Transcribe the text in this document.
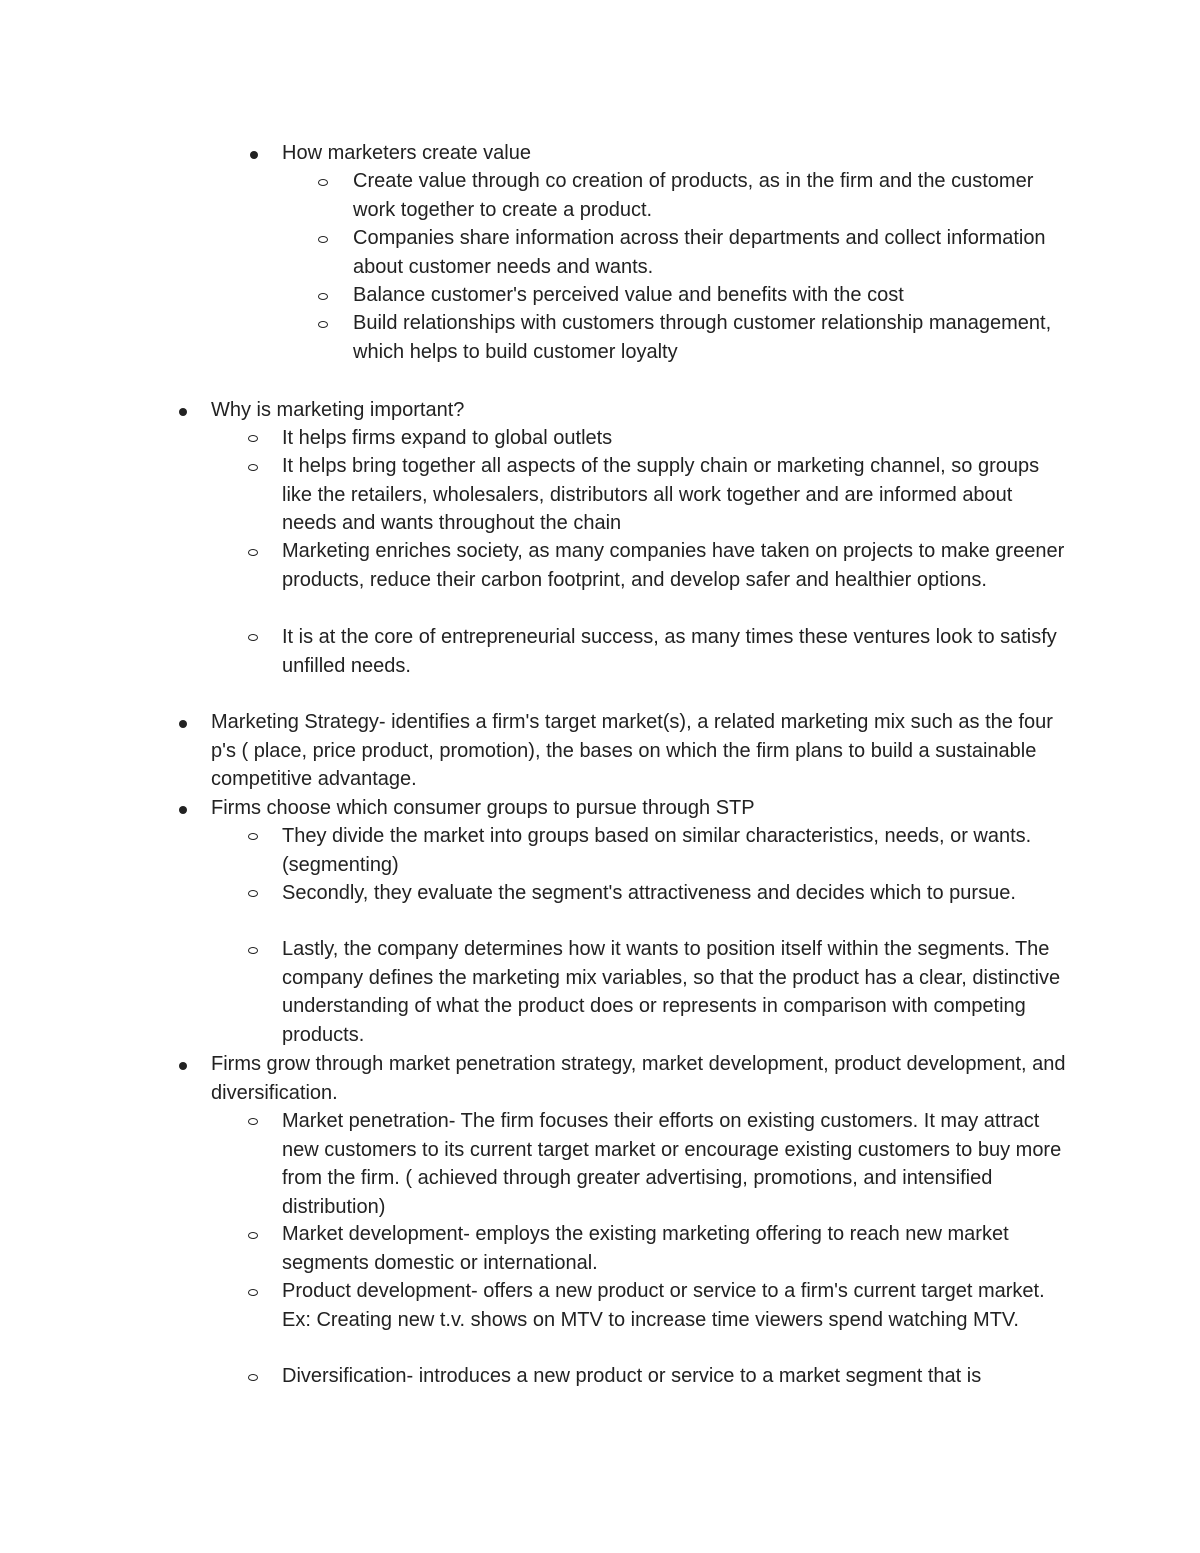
How marketers create value

Create value through co creation of products, as in the firm and the customer work together to create a product.

Companies share information across their departments and collect information about customer needs and wants.

Balance customer's perceived value and benefits with the cost

Build relationships with customers through customer relationship management, which helps to build customer loyalty

Why is marketing important?

It helps firms expand to global outlets

It helps bring together all aspects of the supply chain or marketing channel, so groups like the retailers, wholesalers, distributors all work together and are informed about needs and wants throughout the chain

Marketing enriches society, as many companies have taken on projects to make greener products, reduce their carbon footprint, and develop safer and healthier options.

It is at the core of entrepreneurial success, as many times these ventures look to satisfy unfilled needs.

Marketing Strategy- identifies a firm's target market(s), a related marketing mix such as the four p's ( place, price product, promotion), the bases on which the firm plans to build a sustainable competitive advantage.

Firms choose which consumer groups to pursue through STP

They divide the market into groups based on similar characteristics, needs, or wants. (segmenting)

Secondly, they evaluate the segment's attractiveness and decides which to pursue.

Lastly, the company determines how it wants to position itself within the segments. The company defines the marketing mix variables, so that the product has a clear, distinctive understanding of what the product does or represents in comparison with competing products.

Firms grow through market penetration strategy, market development, product development, and diversification.

Market penetration- The firm focuses their efforts on existing customers. It may attract new customers to its current target market or encourage existing customers to buy more from the firm. ( achieved through greater advertising, promotions, and intensified distribution)

Market development- employs the existing marketing offering to reach new market segments domestic or international.

Product development- offers a new product or service to a firm's current target market. Ex: Creating new t.v. shows on MTV to increase time viewers spend watching MTV.

Diversification- introduces a new product or service to a market segment that is
